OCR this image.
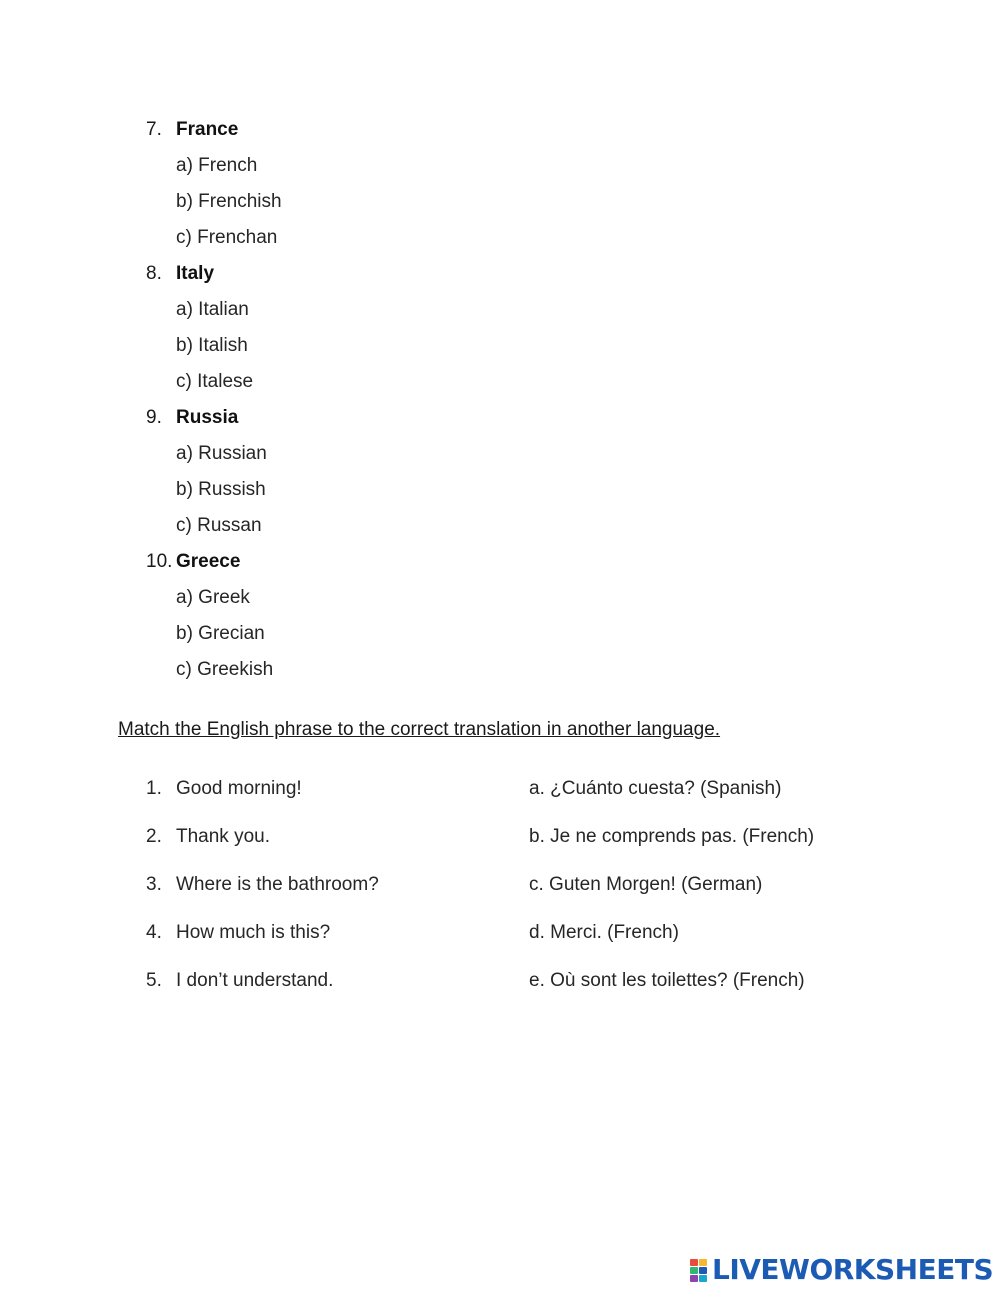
7. France
a) French
b) Frenchish
c) Frenchan
8. Italy
a) Italian
b) Italish
c) Italese
9. Russia
a) Russian
b) Russish
c) Russan
10. Greece
a) Greek
b) Grecian
c) Greekish
Match the English phrase to the correct translation in another language.
1. Good morning!	a. ¿Cuánto cuesta? (Spanish)
2. Thank you.	b. Je ne comprends pas. (French)
3. Where is the bathroom?	c. Guten Morgen! (German)
4. How much is this?	d. Merci. (French)
5. I don’t understand.	e. Où sont les toilettes? (French)
LIVEWORKSHEETS
